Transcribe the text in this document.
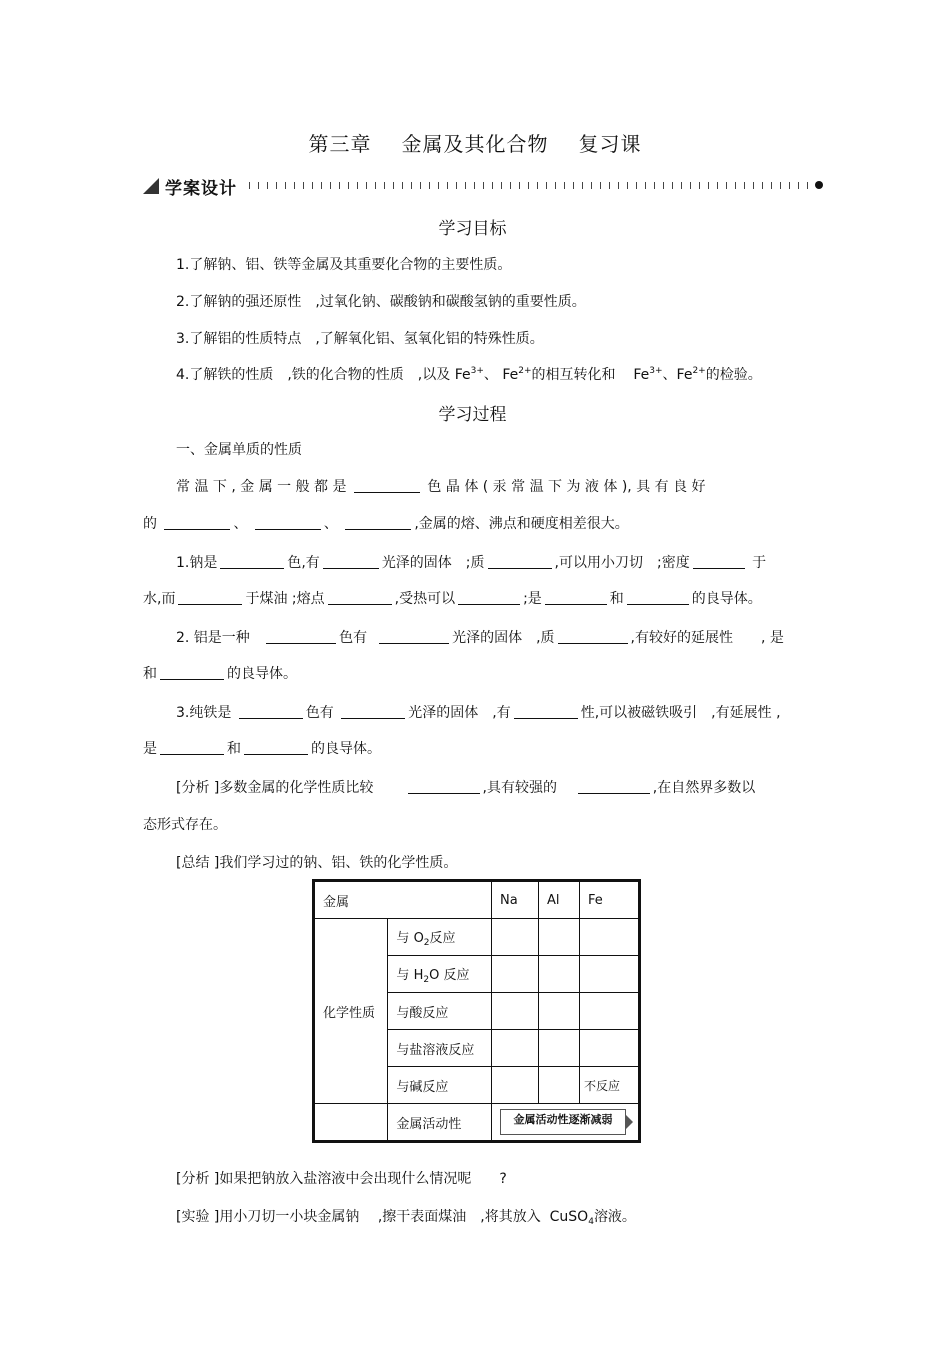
第三章 金属及其化合物 复习课
学案设计
学习目标
1.了解钠、铝、铁等金属及其重要化合物的主要性质。
2.了解钠的强还原性　,过氧化钠、碳酸钠和碳酸氢钠的重要性质。
3.了解铝的性质特点　,了解氧化铝、氢氧化铝的特殊性质。
4.了解铁的性质　,铁的化合物的性质　,以及 $Fe^{3+}$、 $Fe^{2+}$的相互转化和 $Fe^{3+}$、$Fe^{2+}$的检验。
学习过程
一、金属单质的性质
常 温 下 , 金 属 一 般 都 是	色 晶 体 ( 汞 常 温 下 为 液 体 ), 具 有 良 好
的	、	、	,金属的熔、沸点和硬度相差很大。
1.钠是	色,有	光泽的固体　;质	,可以用小刀切　;密度	于
水,而	于煤油 ;熔点	,受热可以	;是	和	的良导体。
2. 铝是一种	色有	光泽的固体　,质	,有较好的延展性　　, 是
和	的良导体。
3.纯铁是	色有	光泽的固体　,有	性,可以被磁铁吸引　,有延展性 ,
是	和	的良导体。
[分析 ]多数金属的化学性质比较	,具有较强的	,在自然界多数以
态形式存在。
[总结 ]我们学习过的钠、铝、铁的化学性质。
金属		Na	Al	Fe
化学性质	与 $O_2$反应			
	与 $H_2O$ 反应			
	与酸反应			
	与盐溶液反应			
	与碱反应			不反应
	金属活动性	金属活动性逐渐减弱		
[分析 ]如果把钠放入盐溶液中会出现什么情况呢　　?
[实验 ]用小刀切一小块金属钠　 ,擦干表面煤油　,将其放入 CuSO$_4$溶液。
